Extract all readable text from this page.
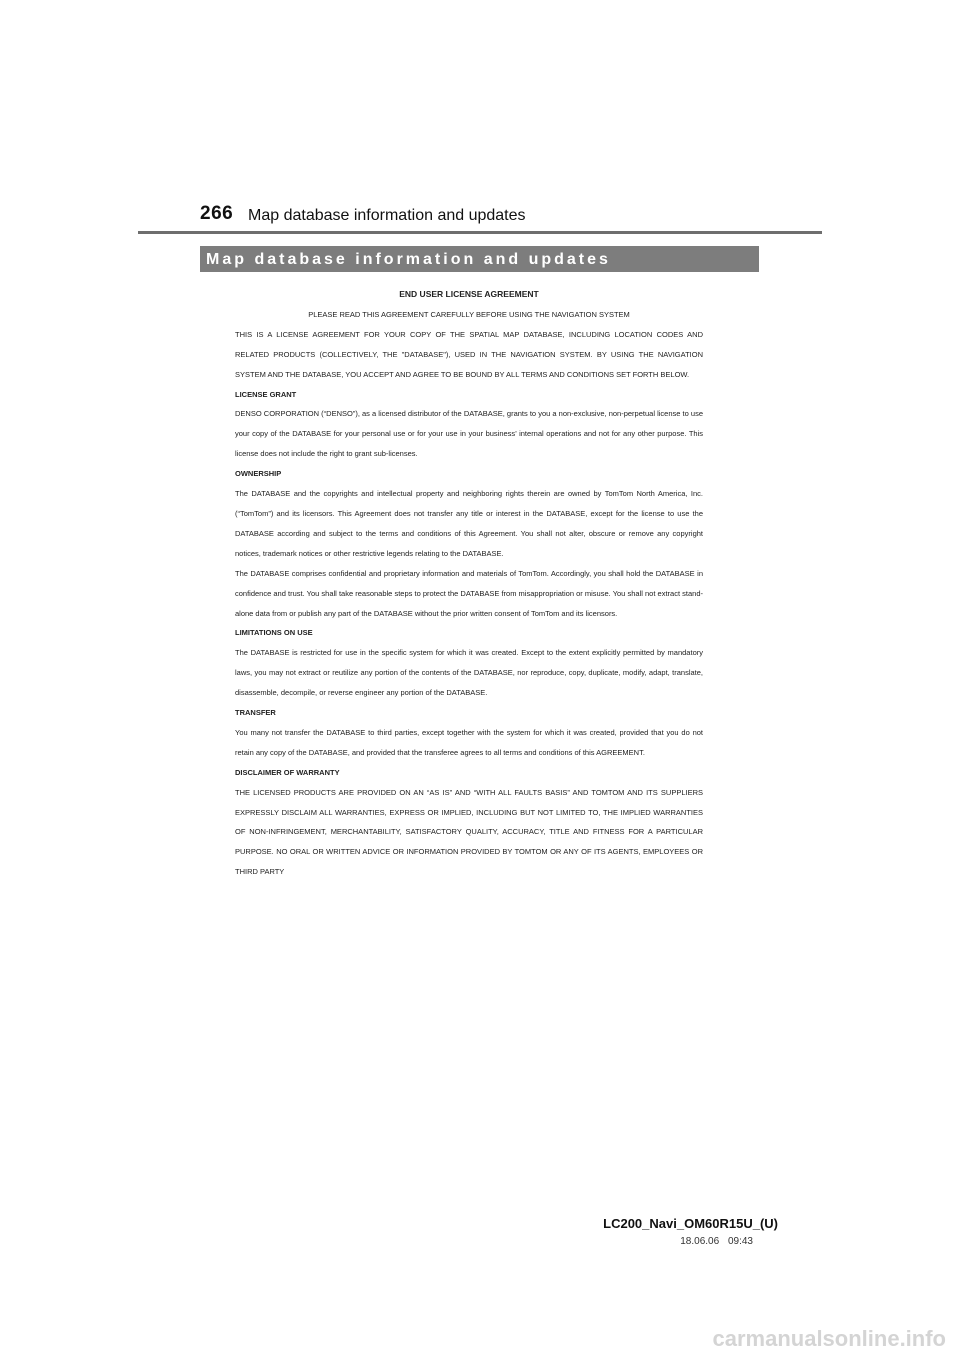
266 Map database information and updates
Map database information and updates

END USER LICENSE AGREEMENT

PLEASE READ THIS AGREEMENT CAREFULLY BEFORE USING THE NAVIGATION SYSTEM

THIS IS A LICENSE AGREEMENT FOR YOUR COPY OF THE SPATIAL MAP DATABASE, INCLUDING LOCATION CODES AND RELATED PRODUCTS (COLLECTIVELY, THE "DATABASE"), USED IN THE NAVIGATION SYSTEM. BY USING THE NAVIGATION SYSTEM AND THE DATABASE, YOU ACCEPT AND AGREE TO BE BOUND BY ALL TERMS AND CONDITIONS SET FORTH BELOW.

LICENSE GRANT

DENSO CORPORATION (“DENSO”), as a licensed distributor of the DATABASE, grants to you a non-exclusive, non-perpetual license to use your copy of the DATABASE for your personal use or for your use in your business’ internal operations and not for any other purpose. This license does not include the right to grant sub-licenses.

OWNERSHIP

The DATABASE and the copyrights and intellectual property and neighboring rights therein are owned by TomTom North America, Inc. (“TomTom”) and its licensors. This Agreement does not transfer any title or interest in the DATABASE, except for the license to use the DATABASE according and subject to the terms and conditions of this Agreement. You shall not alter, obscure or remove any copyright notices, trademark notices or other restrictive legends relating to the DATABASE.

The DATABASE comprises confidential and proprietary information and materials of TomTom. Accordingly, you shall hold the DATABASE in confidence and trust. You shall take reasonable steps to protect the DATABASE from misappropriation or misuse. You shall not extract stand-alone data from or publish any part of the DATABASE without the prior written consent of TomTom and its licensors.

LIMITATIONS ON USE

The DATABASE is restricted for use in the specific system for which it was created. Except to the extent explicitly permitted by mandatory laws, you may not extract or reutilize any portion of the contents of the DATABASE, nor reproduce, copy, duplicate, modify, adapt, translate, disassemble, decompile, or reverse engineer any portion of the DATABASE.

TRANSFER

You many not transfer the DATABASE to third parties, except together with the system for which it was created, provided that you do not retain any copy of the DATABASE, and provided that the transferee agrees to all terms and conditions of this AGREEMENT.

DISCLAIMER OF WARRANTY

THE LICENSED PRODUCTS ARE PROVIDED ON AN “AS IS” AND “WITH ALL FAULTS BASIS” AND TOMTOM AND ITS SUPPLIERS EXPRESSLY DISCLAIM ALL WARRANTIES, EXPRESS OR IMPLIED, INCLUDING BUT NOT LIMITED TO, THE IMPLIED WARRANTIES OF NON-INFRINGEMENT, MERCHANTABILITY, SATISFACTORY QUALITY, ACCURACY, TITLE AND FITNESS FOR A PARTICULAR PURPOSE. NO ORAL OR WRITTEN ADVICE OR INFORMATION PROVIDED BY TOMTOM OR ANY OF ITS AGENTS, EMPLOYEES OR THIRD PARTY

LC200_Navi_OM60R15U_(U)
18.06.06 09:43
carmanualsonline.info
